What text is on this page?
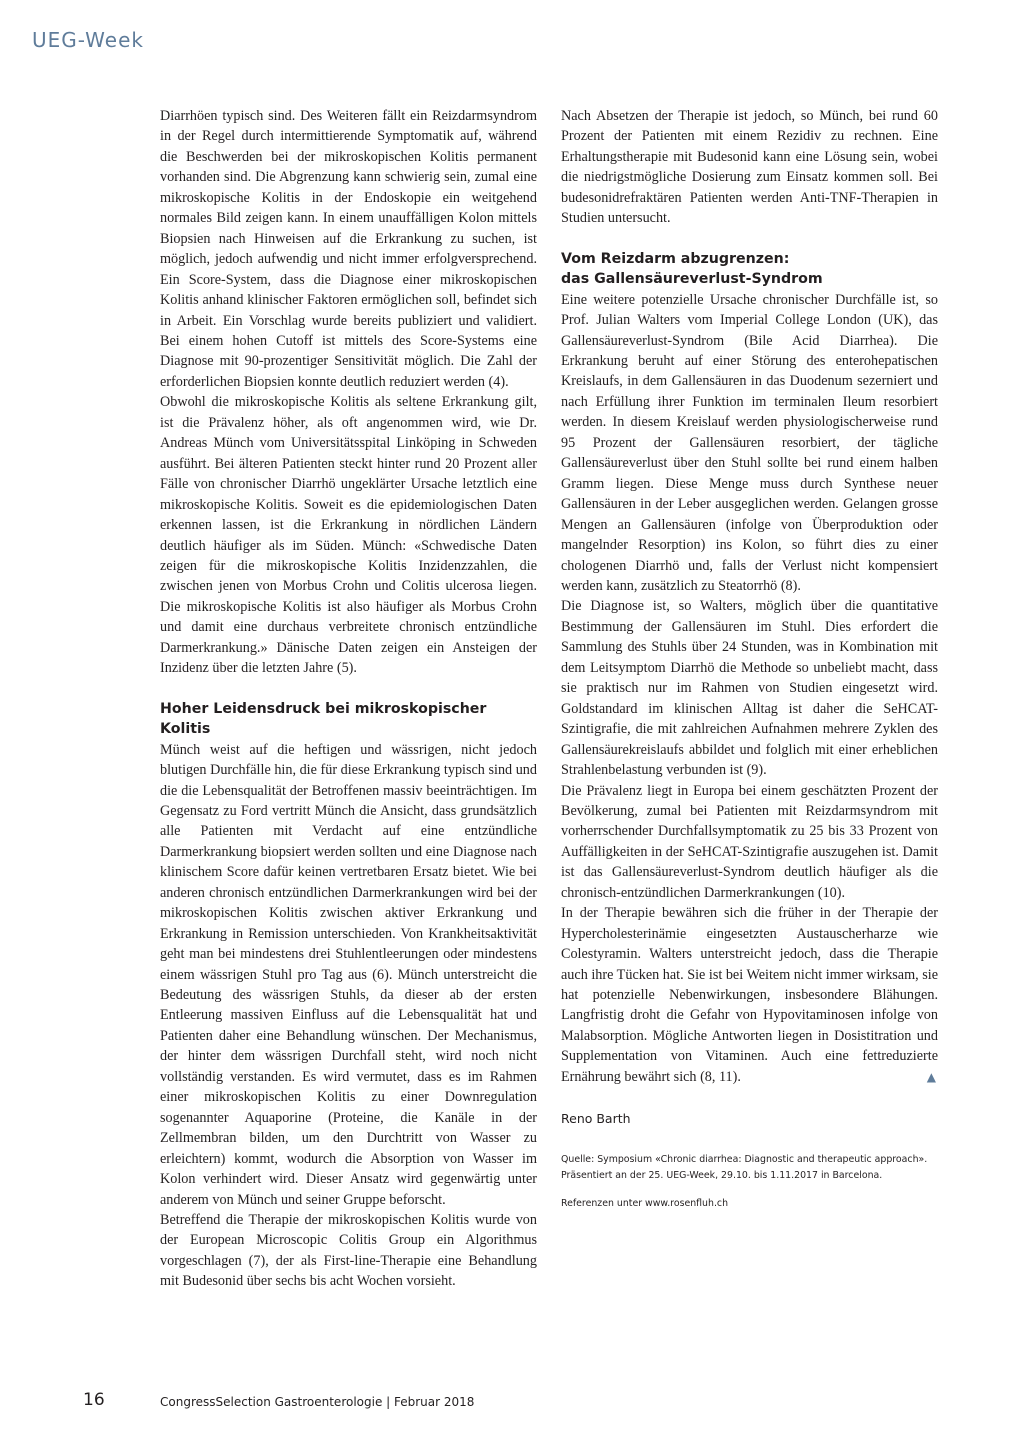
UEG-Week

Diarrhöen typisch sind. Des Weiteren fällt ein Reizdarmsyndrom in der Regel durch intermittierende Symptomatik auf, während die Beschwerden bei der mikroskopischen Kolitis permanent vorhanden sind. Die Abgrenzung kann schwierig sein, zumal eine mikroskopische Kolitis in der Endoskopie ein weitgehend normales Bild zeigen kann. In einem unauffälligen Kolon mittels Biopsien nach Hinweisen auf die Erkrankung zu suchen, ist möglich, jedoch aufwendig und nicht immer erfolgversprechend. Ein Score-System, dass die Diagnose einer mikroskopischen Kolitis anhand klinischer Faktoren ermöglichen soll, befindet sich in Arbeit. Ein Vorschlag wurde bereits publiziert und validiert. Bei einem hohen Cutoff ist mittels des Score-Systems eine Diagnose mit 90-prozentiger Sensitivität möglich. Die Zahl der erforderlichen Biopsien konnte deutlich reduziert werden (4).

Obwohl die mikroskopische Kolitis als seltene Erkrankung gilt, ist die Prävalenz höher, als oft angenommen wird, wie Dr. Andreas Münch vom Universitätsspital Linköping in Schweden ausführt. Bei älteren Patienten steckt hinter rund 20 Prozent aller Fälle von chronischer Diarrhö ungeklärter Ursache letztlich eine mikroskopische Kolitis. Soweit es die epidemiologischen Daten erkennen lassen, ist die Erkrankung in nördlichen Ländern deutlich häufiger als im Süden. Münch: «Schwedische Daten zeigen für die mikroskopische Kolitis Inzidenzzahlen, die zwischen jenen von Morbus Crohn und Colitis ulcerosa liegen. Die mikroskopische Kolitis ist also häufiger als Morbus Crohn und damit eine durchaus verbreitete chronisch entzündliche Darmerkrankung.» Dänische Daten zeigen ein Ansteigen der Inzidenz über die letzten Jahre (5).

Hoher Leidensdruck bei mikroskopischer Kolitis

Münch weist auf die heftigen und wässrigen, nicht jedoch blutigen Durchfälle hin, die für diese Erkrankung typisch sind und die die Lebensqualität der Betroffenen massiv beeinträchtigen. Im Gegensatz zu Ford vertritt Münch die Ansicht, dass grundsätzlich alle Patienten mit Verdacht auf eine entzündliche Darmerkrankung biopsiert werden sollten und eine Diagnose nach klinischem Score dafür keinen vertretbaren Ersatz bietet. Wie bei anderen chronisch entzündlichen Darmerkrankungen wird bei der mikroskopischen Kolitis zwischen aktiver Erkrankung und Erkrankung in Remission unterschieden. Von Krankheitsaktivität geht man bei mindestens drei Stuhlentleerungen oder mindestens einem wässrigen Stuhl pro Tag aus (6). Münch unterstreicht die Bedeutung des wässrigen Stuhls, da dieser ab der ersten Entleerung massiven Einfluss auf die Lebensqualität hat und Patienten daher eine Behandlung wünschen. Der Mechanismus, der hinter dem wässrigen Durchfall steht, wird noch nicht vollständig verstanden. Es wird vermutet, dass es im Rahmen einer mikroskopischen Kolitis zu einer Downregulation sogenannter Aquaporine (Proteine, die Kanäle in der Zellmembran bilden, um den Durchtritt von Wasser zu erleichtern) kommt, wodurch die Absorption von Wasser im Kolon verhindert wird. Dieser Ansatz wird gegenwärtig unter anderem von Münch und seiner Gruppe beforscht.

Betreffend die Therapie der mikroskopischen Kolitis wurde von der European Microscopic Colitis Group ein Algorithmus vorgeschlagen (7), der als First-line-Therapie eine Behandlung mit Budesonid über sechs bis acht Wochen vorsieht.

Nach Absetzen der Therapie ist jedoch, so Münch, bei rund 60 Prozent der Patienten mit einem Rezidiv zu rechnen. Eine Erhaltungstherapie mit Budesonid kann eine Lösung sein, wobei die niedrigstmögliche Dosierung zum Einsatz kommen soll. Bei budesonidrefraktären Patienten werden Anti-TNF-Therapien in Studien untersucht.

Vom Reizdarm abzugrenzen:

das Gallensäureverlust-Syndrom

Eine weitere potenzielle Ursache chronischer Durchfälle ist, so Prof. Julian Walters vom Imperial College London (UK), das Gallensäureverlust-Syndrom (Bile Acid Diarrhea). Die Erkrankung beruht auf einer Störung des enterohepatischen Kreislaufs, in dem Gallensäuren in das Duodenum sezerniert und nach Erfüllung ihrer Funktion im terminalen Ileum resorbiert werden. In diesem Kreislauf werden physiologischerweise rund 95 Prozent der Gallensäuren resorbiert, der tägliche Gallensäureverlust über den Stuhl sollte bei rund einem halben Gramm liegen. Diese Menge muss durch Synthese neuer Gallensäuren in der Leber ausgeglichen werden. Gelangen grosse Mengen an Gallensäuren (infolge von Überproduktion oder mangelnder Resorption) ins Kolon, so führt dies zu einer chologenen Diarrhö und, falls der Verlust nicht kompensiert werden kann, zusätzlich zu Steatorrhö (8).

Die Diagnose ist, so Walters, möglich über die quantitative Bestimmung der Gallensäuren im Stuhl. Dies erfordert die Sammlung des Stuhls über 24 Stunden, was in Kombination mit dem Leitsymptom Diarrhö die Methode so unbeliebt macht, dass sie praktisch nur im Rahmen von Studien eingesetzt wird. Goldstandard im klinischen Alltag ist daher die SeHCAT-Szintigrafie, die mit zahlreichen Aufnahmen mehrere Zyklen des Gallensäurekreislaufs abbildet und folglich mit einer erheblichen Strahlenbelastung verbunden ist (9).

Die Prävalenz liegt in Europa bei einem geschätzten Prozent der Bevölkerung, zumal bei Patienten mit Reizdarmsyndrom mit vorherrschender Durchfallsymptomatik zu 25 bis 33 Prozent von Auffälligkeiten in der SeHCAT-Szintigrafie auszugehen ist. Damit ist das Gallensäureverlust-Syndrom deutlich häufiger als die chronisch-entzündlichen Darmerkrankungen (10).

In der Therapie bewähren sich die früher in der Therapie der Hypercholesterinämie eingesetzten Austauscherharze wie Colestyramin. Walters unterstreicht jedoch, dass die Therapie auch ihre Tücken hat. Sie ist bei Weitem nicht immer wirksam, sie hat potenzielle Nebenwirkungen, insbesondere Blähungen. Langfristig droht die Gefahr von Hypovitaminosen infolge von Malabsorption. Mögliche Antworten liegen in Dosistitration und Supplementation von Vitaminen. Auch eine fettreduzierte Ernährung bewährt sich (8, 11).	▲

Reno Barth
Quelle: Symposium «Chronic diarrhea: Diagnostic and therapeutic approach». Präsentiert an der 25. UEG-Week, 29.10. bis 1.11.2017 in Barcelona.
Referenzen unter www.rosenfluh.ch
16	CongressSelection Gastroenterologie | Februar 2018
